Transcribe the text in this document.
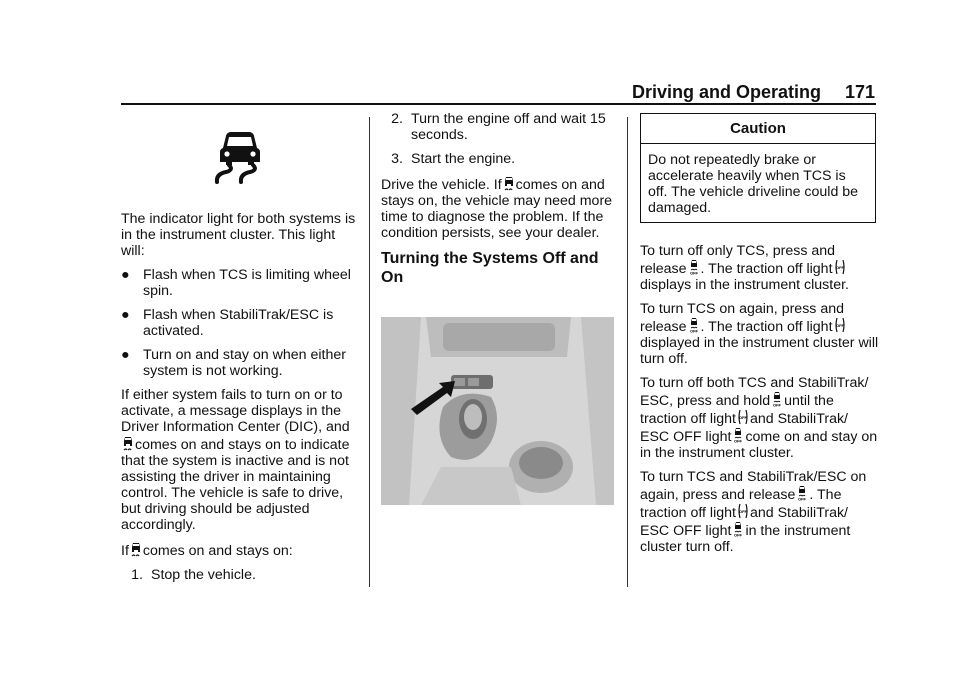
Driving and Operating 171

The indicator light for both systems is in the instrument cluster. This light will:

● Flash when TCS is limiting wheel spin.
● Flash when StabiliTrak/ESC is activated.
● Turn on and stay on when either system is not working.

If either system fails to turn on or to activate, a message displays in the Driver Information Center (DIC), and comes on and stays on to indicate that the system is inactive and is not assisting the driver in maintaining control. The vehicle is safe to drive, but driving should be adjusted accordingly.

If comes on and stays on:

1. Stop the vehicle.
2. Turn the engine off and wait 15 seconds.
3. Start the engine.

Drive the vehicle. If comes on and stays on, the vehicle may need more time to diagnose the problem. If the condition persists, see your dealer.

Turning the Systems Off and On
Caution
Do not repeatedly brake or accelerate heavily when TCS is off. The vehicle driveline could be damaged.

To turn off only TCS, press and release . The traction off light displays in the instrument cluster.

To turn TCS on again, press and release . The traction off light displayed in the instrument cluster will turn off.

To turn off both TCS and StabiliTrak/ ESC, press and hold until the traction off light and StabiliTrak/ ESC OFF light come on and stay on in the instrument cluster.

To turn TCS and StabiliTrak/ESC on again, press and release . The traction off light and StabiliTrak/ ESC OFF light in the instrument cluster turn off.
